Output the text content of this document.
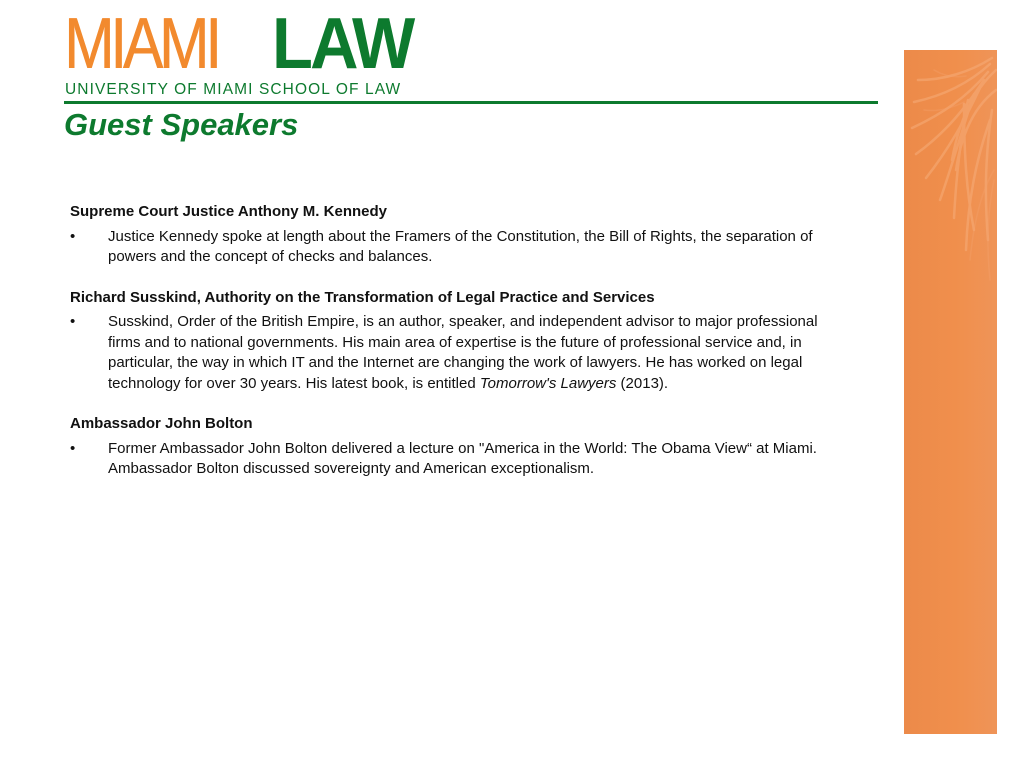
MIAMI LAW
UNIVERSITY OF MIAMI SCHOOL OF LAW
Guest Speakers
Supreme Court Justice Anthony M. Kennedy
•	Justice Kennedy spoke at length about the Framers of the Constitution, the Bill of Rights, the separation of powers and the concept of checks and balances.
Richard Susskind, Authority on the Transformation of Legal Practice and Services
•	Susskind, Order of the British Empire, is an author, speaker, and independent advisor to major professional firms and to national governments. His main area of expertise is the future of professional service and, in particular, the way in which IT and the Internet are changing the work of lawyers. He has worked on legal technology for over 30 years. His latest book, is entitled Tomorrow's Lawyers (2013).
Ambassador John Bolton
•	Former Ambassador John Bolton delivered a lecture on "America in the World: The Obama View“ at Miami. Ambassador Bolton discussed sovereignty and American exceptionalism.
